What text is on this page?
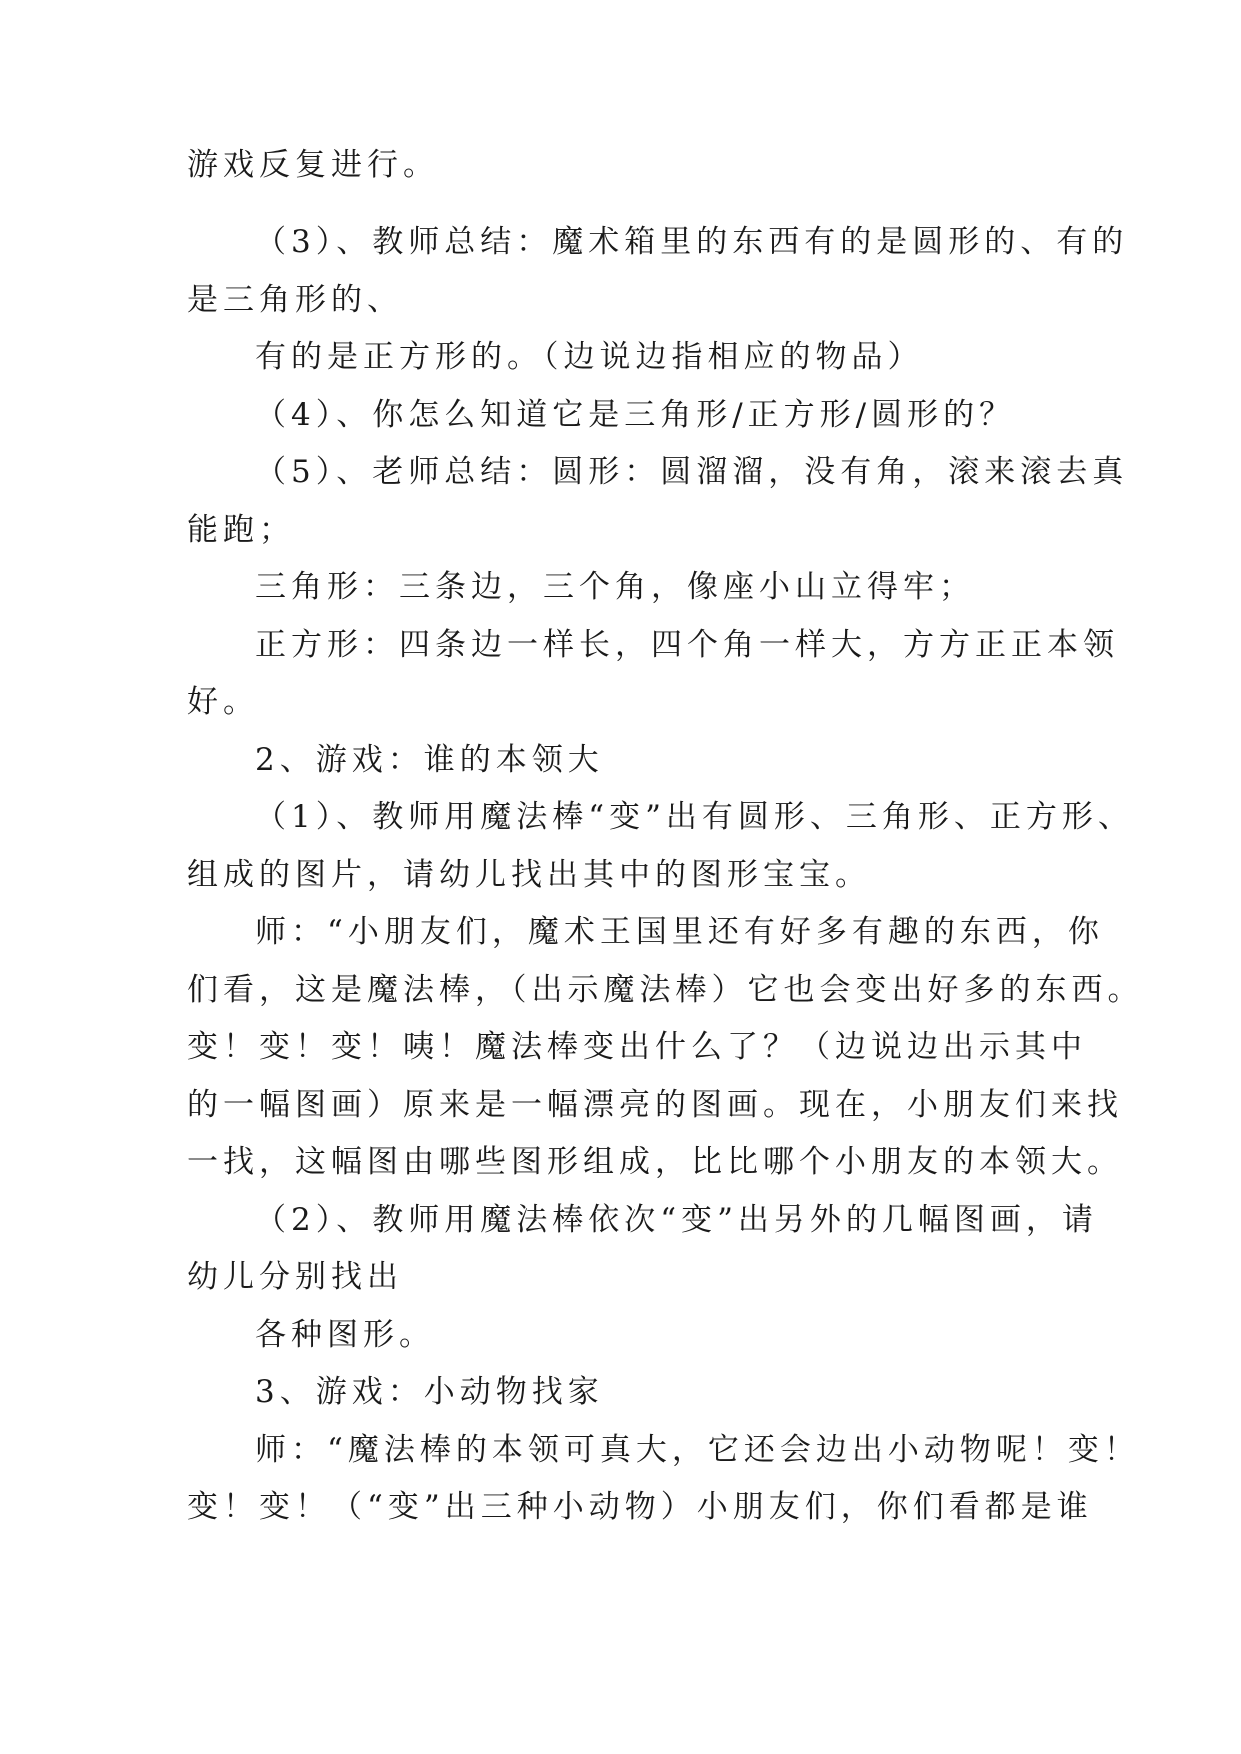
游戏反复进行。
（3）、教师总结：魔术箱里的东西有的是圆形的、有的
是三角形的、
有的是正方形的。（边说边指相应的物品）
（4）、你怎么知道它是三角形/正方形/圆形的？
（5）、老师总结：圆形：圆溜溜，没有角，滚来滚去真
能跑；
三角形：三条边，三个角，像座小山立得牢；
正方形：四条边一样长，四个角一样大，方方正正本领
好。
2、游戏：谁的本领大
（1）、教师用魔法棒“变”出有圆形、三角形、正方形、
组成的图片，请幼儿找出其中的图形宝宝。
师：“小朋友们，魔术王国里还有好多有趣的东西，你
们看，这是魔法棒，（出示魔法棒）它也会变出好多的东西。
变！变！变！咦！魔法棒变出什么了？（边说边出示其中
的一幅图画）原来是一幅漂亮的图画。现在，小朋友们来找
一找，这幅图由哪些图形组成，比比哪个小朋友的本领大。
（2）、教师用魔法棒依次“变”出另外的几幅图画，请
幼儿分别找出
各种图形。
3、游戏：小动物找家
师：“魔法棒的本领可真大，它还会边出小动物呢！变！
变！变！（“变”出三种小动物）小朋友们，你们看都是谁
